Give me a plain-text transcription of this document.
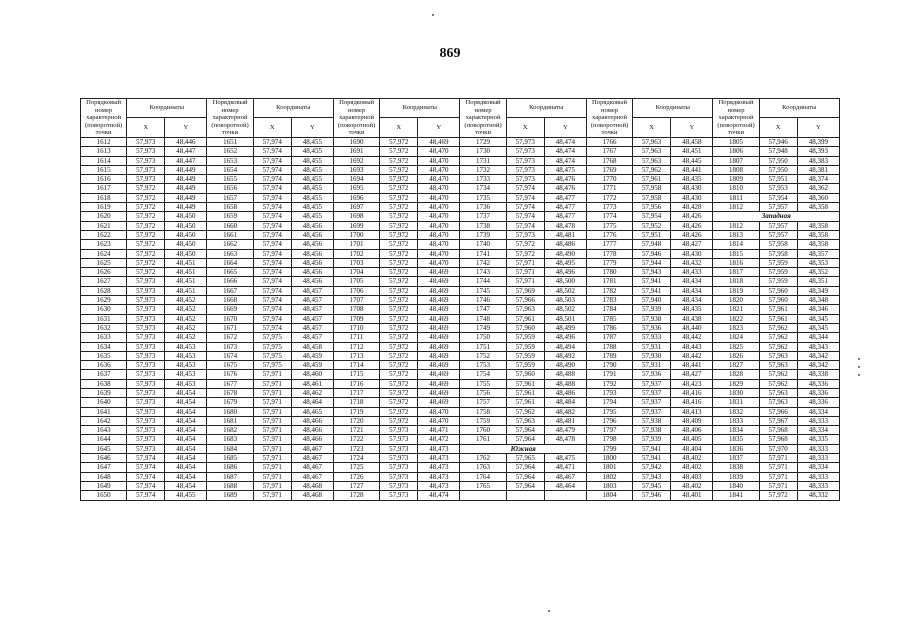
869
Порядковый номер характерной (поворотной) точки	Координаты		Порядковый номер характерной (поворотной) точки	Координаты		Порядковый номер характерной (поворотной) точки	Координаты		Порядковый номер характерной (поворотной) точки	Координаты		Порядковый номер характерной (поворотной) точки	Координаты		Порядковый номер характерной (поворотной) точки	Координаты	
	X	Y		X	Y		X	Y		X	Y		X	Y		X	Y
1612	57,973	48,446	1651	57,974	48,455	1690	57,972	48,469	1729	57,973	48,474	1766	57,963	48,458	1805	57,946	48,399
1613	57,973	48,447	1652	57,974	48,455	1691	57,972	48,470	1730	57,973	48,474	1767	57,963	48,451	1806	57,948	48,393
1614	57,973	48,447	1653	57,974	48,455	1692	57,972	48,470	1731	57,973	48,474	1768	57,963	48,445	1807	57,950	48,383
1615	57,973	48,449	1654	57,974	48,455	1693	57,972	48,470	1732	57,973	48,475	1769	57,962	48,441	1808	57,950	48,381
1616	57,973	48,449	1655	57,974	48,455	1694	57,972	48,470	1733	57,973	48,476	1770	57,961	48,435	1809	57,951	48,374
1617	57,972	48,449	1656	57,974	48,455	1695	57,972	48,470	1734	57,974	48,476	1771	57,958	48,430	1810	57,953	48,362
1618	57,972	48,449	1657	57,974	48,455	1696	57,972	48,470	1735	57,974	48,477	1772	57,958	48,430	1811	57,954	48,360
1619	57,972	48,449	1658	57,974	48,455	1697	57,972	48,470	1736	57,974	48,477	1773	57,956	48,428	1812	57,957	48,358
1620	57,972	48,450	1659	57,974	48,455	1698	57,972	48,470	1737	57,974	48,477	1774	57,954	48,426	Западная		
1621	57,972	48,450	1660	57,974	48,456	1699	57,972	48,470	1738	57,974	48,478	1775	57,952	48,426	1812	57,957	48,358
1622	57,972	48,450	1661	57,974	48,456	1700	57,972	48,470	1739	57,973	48,481	1776	57,951	48,426	1813	57,957	48,358
1623	57,972	48,450	1662	57,974	48,456	1701	57,972	48,470	1740	57,972	48,486	1777	57,948	48,427	1814	57,958	48,358
1624	57,972	48,450	1663	57,974	48,456	1702	57,972	48,470	1741	57,972	48,490	1778	57,946	48,430	1815	57,958	48,357
1625	57,972	48,451	1664	57,974	48,456	1703	57,972	48,470	1742	57,971	48,495	1779	57,944	48,432	1816	57,959	48,353
1626	57,972	48,451	1665	57,974	48,456	1704	57,972	48,469	1743	57,971	48,496	1780	57,943	48,433	1817	57,959	48,352
1627	57,973	48,451	1666	57,974	48,456	1705	57,972	48,469	1744	57,971	48,500	1781	57,941	48,434	1818	57,959	48,351
1628	57,973	48,451	1667	57,974	48,457	1706	57,972	48,469	1745	57,969	48,502	1782	57,941	48,434	1819	57,960	48,349
1629	57,973	48,452	1668	57,974	48,457	1707	57,972	48,469	1746	57,966	48,503	1783	57,940	48,434	1820	57,960	48,348
1630	57,973	48,452	1669	57,974	48,457	1708	57,972	48,469	1747	57,963	48,502	1784	57,939	48,435	1821	57,961	48,346
1631	57,973	48,452	1670	57,974	48,457	1709	57,972	48,469	1748	57,961	48,501	1785	57,938	48,438	1822	57,961	48,345
1632	57,973	48,452	1671	57,974	48,457	1710	57,972	48,469	1749	57,960	48,499	1786	57,936	48,440	1823	57,962	48,345
1633	57,973	48,452	1672	57,975	48,457	1711	57,972	48,469	1750	57,959	48,496	1787	57,933	48,442	1824	57,962	48,344
1634	57,973	48,453	1673	57,975	48,458	1712	57,972	48,469	1751	57,959	48,494	1788	57,931	48,443	1825	57,962	48,343
1635	57,973	48,453	1674	57,975	48,459	1713	57,972	48,469	1752	57,959	48,492	1789	57,930	48,442	1826	57,963	48,342
1636	57,973	48,453	1675	57,975	48,459	1714	57,972	48,469	1753	57,959	48,490	1790	57,931	48,441	1827	57,963	48,342
1637	57,973	48,453	1676	57,971	48,460	1715	57,972	48,469	1754	57,960	48,488	1791	57,936	48,427	1828	57,962	48,338
1638	57,973	48,453	1677	57,971	48,461	1716	57,972	48,469	1755	57,961	48,488	1792	57,937	48,423	1829	57,962	48,336
1639	57,973	48,454	1678	57,971	48,462	1717	57,972	48,469	1756	57,961	48,486	1793	57,937	48,416	1830	57,963	48,336
1640	57,973	48,454	1679	57,971	48,464	1718	57,972	48,469	1757	57,961	48,484	1794	57,937	48,416	1831	57,963	48,336
1641	57,973	48,454	1680	57,971	48,465	1719	57,972	48,470	1758	57,962	48,482	1795	57,937	48,413	1832	57,966	48,334
1642	57,973	48,454	1681	57,971	48,466	1720	57,972	48,470	1759	57,963	48,481	1796	57,938	48,409	1833	57,967	48,333
1643	57,973	48,454	1682	57,971	48,466	1721	57,973	48,471	1760	57,964	48,479	1797	57,938	48,406	1834	57,968	48,334
1644	57,973	48,454	1683	57,971	48,466	1722	57,973	48,472	1761	57,964	48,478	1798	57,939	48,405	1835	57,968	48,335
1645	57,973	48,454	1684	57,971	48,467	1723	57,973	48,473	Южная			1799	57,941	48,404	1836	57,970	48,333
1646	57,974	48,454	1685	57,971	48,467	1724	57,973	48,473	1762	57,965	48,475	1800	57,941	48,402	1837	57,971	48,333
1647	57,974	48,454	1686	57,971	48,467	1725	57,973	48,473	1763	57,964	48,471	1801	57,942	48,402	1838	57,971	48,334
1648	57,974	48,454	1687	57,971	48,467	1726	57,973	48,473	1764	57,964	48,467	1802	57,943	48,403	1839	57,971	48,333
1649	57,974	48,454	1688	57,971	48,468	1727	57,973	48,473	1765	57,964	48,464	1803	57,945	48,402	1840	57,971	48,333
1650	57,974	48,455	1689	57,971	48,468	1728	57,973	48,474				1804	57,946	48,401	1841	57,972	48,332
